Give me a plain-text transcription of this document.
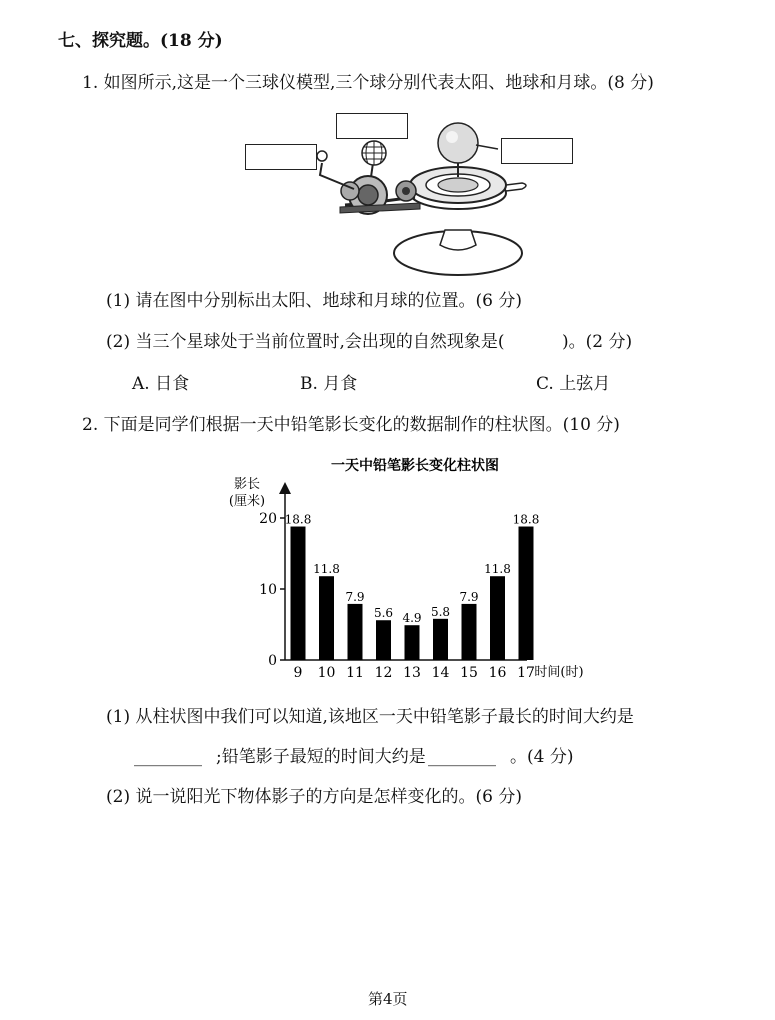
七、探究题。(18 分)
1. 如图所示,这是一个三球仪模型,三个球分别代表太阳、地球和月球。(8 分)
(1) 请在图中分别标出太阳、地球和月球的位置。(6 分)
(2) 当三个星球处于当前位置时,会出现的自然现象是(	)。(2 分)
A. 日食	B. 月食	C. 上弦月
2. 下面是同学们根据一天中铅笔影长变化的数据制作的柱状图。(10 分)
一天中铅笔影长变化柱状图
影长
(厘米)
0
10
20 18.8
9
11.8
10
7.9
11
5.6
12
4.9
13
5.8
14
7.9
15
11.8
16
18.8
17 时间(时)
(1) 从柱状图中我们可以知道,该地区一天中铅笔影子最长的时间大约是
________ ;铅笔影子最短的时间大约是 ________ 。(4 分)
(2) 说一说阳光下物体影子的方向是怎样变化的。(6 分)
第4页
